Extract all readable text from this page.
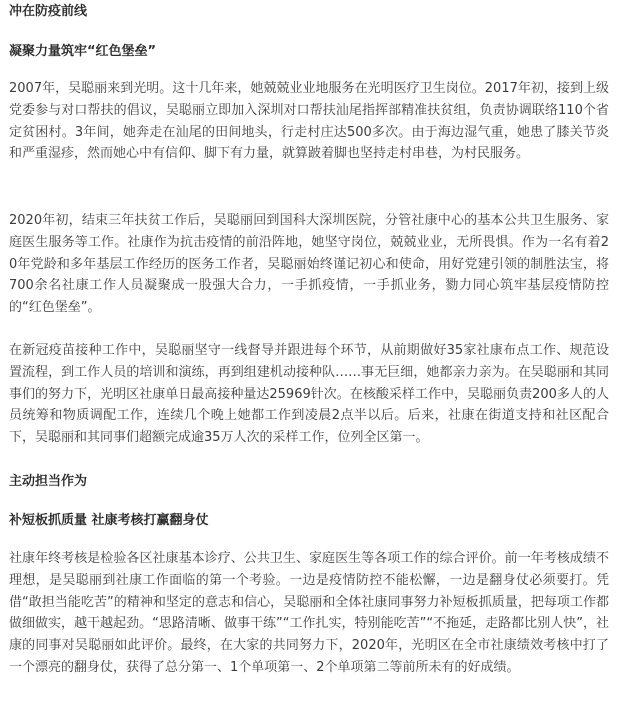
冲在防疫前线

凝聚力量筑牢“红色堡垒”

2007年，吴聪丽来到光明。这十几年来，她兢兢业业地服务在光明医疗卫生岗位。2017年初，接到上级党委参与对口帮扶的倡议，吴聪丽立即加入深圳对口帮扶汕尾指挥部精准扶贫组，负责协调联络110个省定贫困村。3年间，她奔走在汕尾的田间地头，行走村庄达500多次。由于海边湿气重，她患了膝关节炎和严重湿疹，然而她心中有信仰、脚下有力量，就算跛着脚也坚持走村串巷，为村民服务。

2020年初，结束三年扶贫工作后，吴聪丽回到国科大深圳医院，分管社康中心的基本公共卫生服务、家庭医生服务等工作。社康作为抗击疫情的前沿阵地，她坚守岗位，兢兢业业，无所畏惧。作为一名有着20年党龄和多年基层工作经历的医务工作者，吴聪丽始终谨记初心和使命，用好党建引领的制胜法宝，将700余名社康工作人员凝聚成一股强大合力，一手抓疫情，一手抓业务，勠力同心筑牢基层疫情防控的“红色堡垒”。

在新冠疫苗接种工作中，吴聪丽坚守一线督导并跟进每个环节，从前期做好35家社康布点工作、规范设置流程，到工作人员的培训和演练，再到组建机动接种队……事无巨细，她都亲力亲为。在吴聪丽和其同事们的努力下，光明区社康单日最高接种量达25969针次。在核酸采样工作中，吴聪丽负责200多人的人员统筹和物质调配工作，连续几个晚上她都工作到凌晨2点半以后。后来，社康在街道支持和社区配合下，吴聪丽和其同事们超额完成逾35万人次的采样工作，位列全区第一。

主动担当作为

补短板抓质量 社康考核打赢翻身仗

社康年终考核是检验各区社康基本诊疗、公共卫生、家庭医生等各项工作的综合评价。前一年考核成绩不理想，是吴聪丽到社康工作面临的第一个考验。一边是疫情防控不能松懈，一边是翻身仗必须要打。凭借“敢担当能吃苦”的精神和坚定的意志和信心，吴聪丽和全体社康同事努力补短板抓质量，把每项工作都做细做实，越干越起劲。“思路清晰、做事干练”“工作扎实，特别能吃苦”“不拖延，走路都比别人快”，社康的同事对吴聪丽如此评价。最终，在大家的共同努力下，2020年，光明区在全市社康绩效考核中打了一个漂亮的翻身仗，获得了总分第一、1个单项第一、2个单项第二等前所未有的好成绩。
